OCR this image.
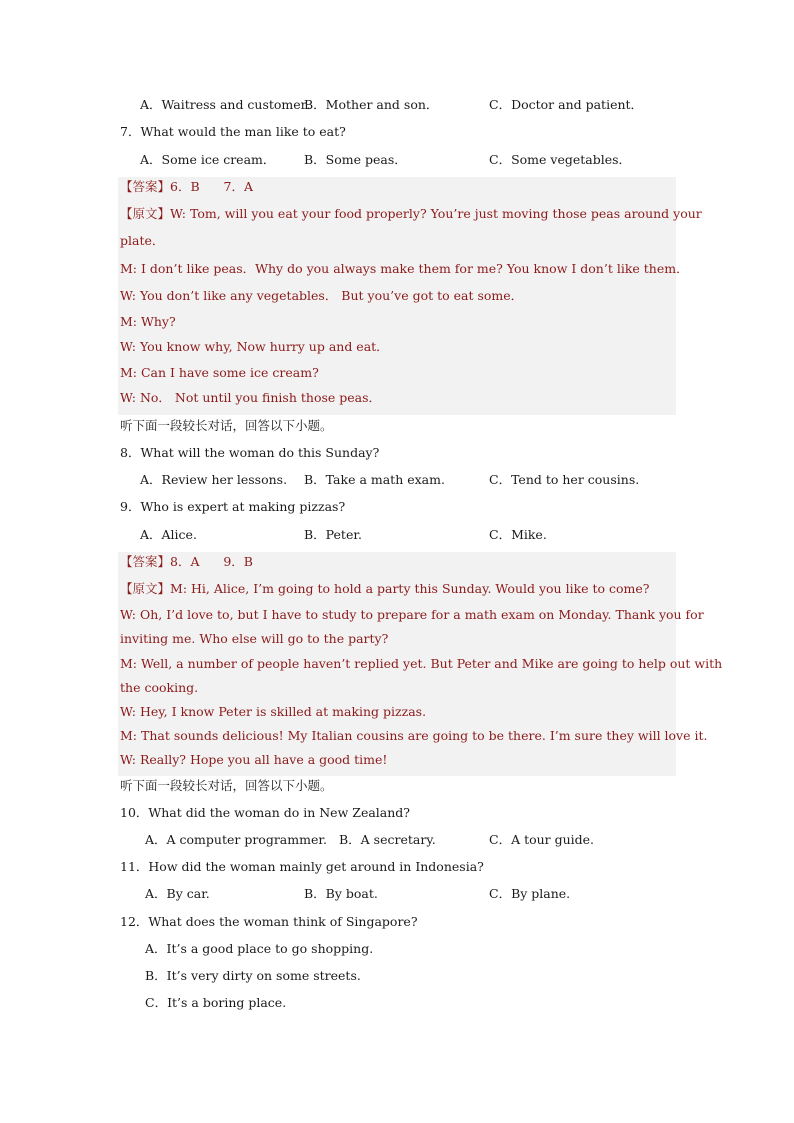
A．Waitress and customer．
B．Mother and son．	C．Doctor and patient．
7．What would the man like to eat?
A．Some ice cream． B．Some peas．	C．Some vegetables．
【答案】6．B      7．A
【原文】W: Tom, will you eat your food properly? You’re just moving those peas around your
plate．
M: I don’t like peas．Why do you always make them for me? You know I don’t like them．
W: You don’t like any vegetables． But you’ve got to eat some．
M: Why?
W: You know why, Now hurry up and eat．
M: Can I have some ice cream?
W: No． Not until you finish those peas．
听下面一段较长对话，回答以下小题。
8．What will the woman do this Sunday?
A．Review her lessons. B．Take a math exam.	C．Tend to her cousins.
9．Who is expert at making pizzas?
A．Alice.	B．Peter.	C．Mike.
【答案】8．A      9．B
【原文】M: Hi, Alice, I’m going to hold a party this Sunday. Would you like to come?
W: Oh, I’d love to, but I have to study to prepare for a math exam on Monday. Thank you for
inviting me. Who else will go to the party?
M: Well, a number of people haven’t replied yet. But Peter and Mike are going to help out with
the cooking.
W: Hey, I know Peter is skilled at making pizzas.
M: That sounds delicious! My Italian cousins are going to be there. I’m sure they will love it.
W: Really? Hope you all have a good time!
听下面一段较长对话，回答以下小题。
10．What did the woman do in New Zealand?
A．A computer programmer. B．A secretary.	C．A tour guide.
11．How did the woman mainly get around in Indonesia?
A．By car.	B．By boat.	C．By plane.
12．What does the woman think of Singapore?
A．It’s a good place to go shopping.
B．It’s very dirty on some streets.
C．It’s a boring place.
